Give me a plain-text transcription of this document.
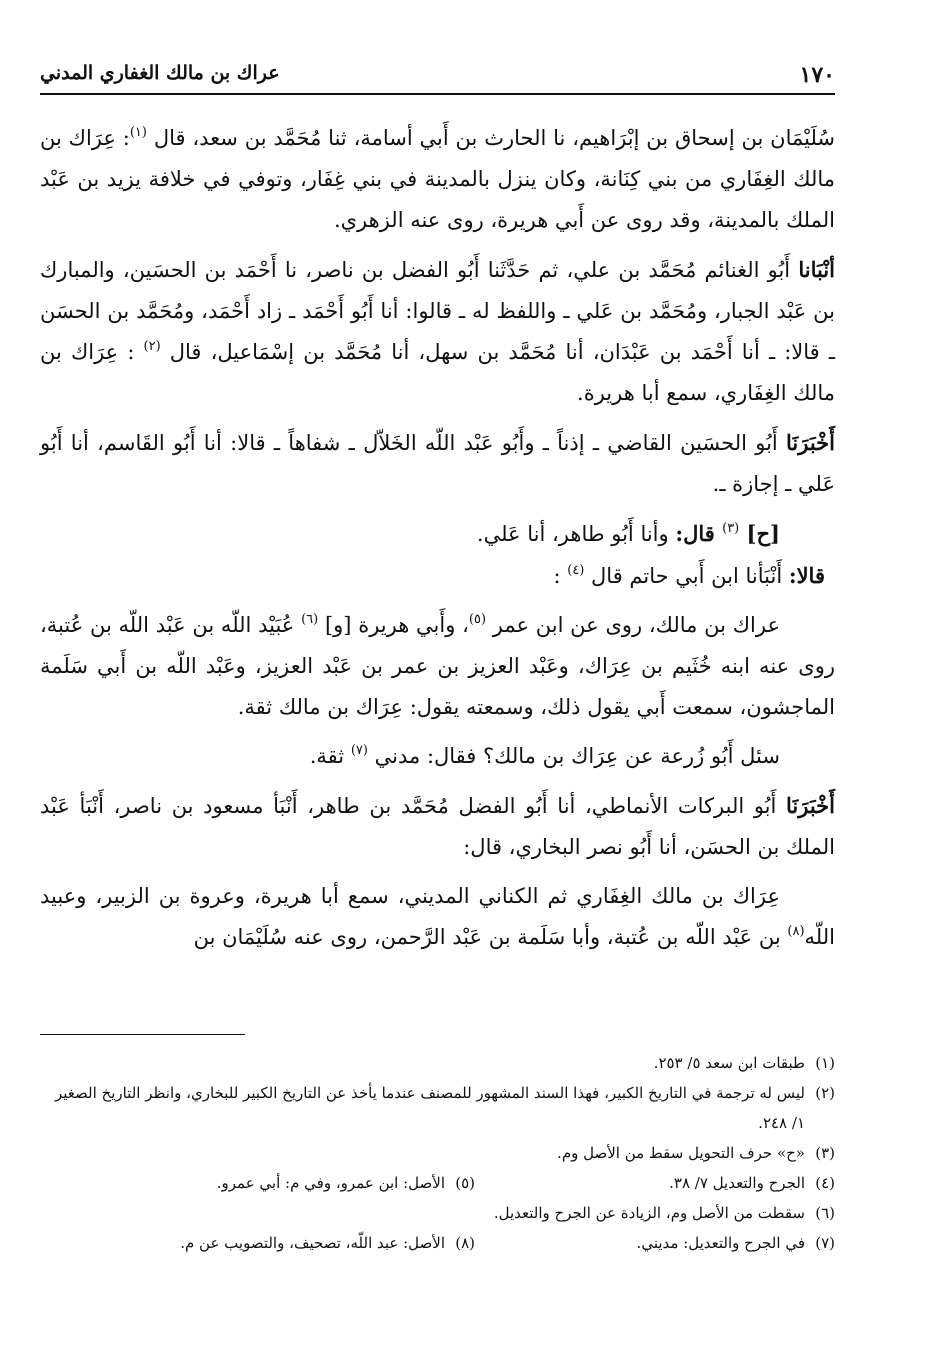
١٧٠
عراك بن مالك الغفاري المدني

سُلَيْمَان بن إسحاق بن إبْرَاهيم، نا الحارث بن أَبي أسامة، ثنا مُحَمَّد بن سعد، قال $^{(١)}$: عِرَاك بن مالك الغِفَاري من بني كِنَانة، وكان ينزل بالمدينة في بني غِفَار، وتوفي في خلافة يزيد بن عَبْد الملك بالمدينة، وقد روى عن أَبي هريرة، روى عنه الزهري.

أنْبَانا أَبُو الغنائم مُحَمَّد بن علي، ثم حَدَّثَنا أَبُو الفضل بن ناصر، نا أَحْمَد بن الحسَين، والمبارك بن عَبْد الجبار، ومُحَمَّد بن عَلي ـ واللفظ له ـ قالوا: أنا أَبُو أَحْمَد ـ زاد أَحْمَد، ومُحَمَّد بن الحسَن ـ قالا: ـ أنا أَحْمَد بن عَبْدَان، أنا مُحَمَّد بن سهل، أنا مُحَمَّد بن إسْمَاعيل، قال $^{(٢)}$ : عِرَاك بن مالك الغِفَاري، سمع أبا هريرة.

أَخْبَرَنَا أَبُو الحسَين القاضي ـ إذناً ـ وأَبُو عَبْد اللّه الخَلاّل ـ شفاهاً ـ قالا: أنا أَبُو القَاسم، أنا أَبُو عَلي ـ إجازة ـ.

[ح] $^{(٣)}$ قال: وأنا أَبُو طاهر، أنا عَلي.

قالا: أَنْبَأنا ابن أَبي حاتم قال $^{(٤)}$ :

عراك بن مالك، روى عن ابن عمر $^{(٥)}$، وأَبي هريرة [و] $^{(٦)}$ عُبَيْد اللّه بن عَبْد اللّه بن عُتبة، روى عنه ابنه خُثَيم بن عِرَاك، وعَبْد العزيز بن عمر بن عَبْد العزيز، وعَبْد اللّه بن أَبي سَلَمة الماجشون، سمعت أَبي يقول ذلك، وسمعته يقول: عِرَاك بن مالك ثقة.

سئل أَبُو زُرعة عن عِرَاك بن مالك؟ فقال: مدني $^{(٧)}$ ثقة.

أَخْبَرَنَا أَبُو البركات الأنماطي، أنا أَبُو الفضل مُحَمَّد بن طاهر، أَنْبَأ مسعود بن ناصر، أَنْبَأ عَبْد الملك بن الحسَن، أنا أَبُو نصر البخاري، قال:

عِرَاك بن مالك الغِفَاري ثم الكناني المديني، سمع أبا هريرة، وعروة بن الزبير، وعبيد اللّه$^{(٨)}$ بن عَبْد اللّه بن عُتبة، وأبا سَلَمة بن عَبْد الرَّحمن، روى عنه سُلَيْمَان بن

(١)
طبقات ابن سعد ٥/ ٢٥٣.
(٢)
ليس له ترجمة في التاريخ الكبير، فهذا السند المشهور للمصنف عندما يأخذ عن التاريخ الكبير للبخاري، وانظر التاريخ الصغير ١/ ٢٤٨.
(٣)
«ح» حرف التحويل سقط من الأصل وم.
(٤)
الجرح والتعديل ٧/ ٣٨.
(٥)
الأصل: ابن عمرو، وفي م: أبي عمرو.
(٦)
سقطت من الأصل وم، الزيادة عن الجرح والتعديل.
(٧)
في الجرح والتعديل: مديني.
(٨)
الأصل: عبد اللّه، تصحيف، والتصويب عن م.
